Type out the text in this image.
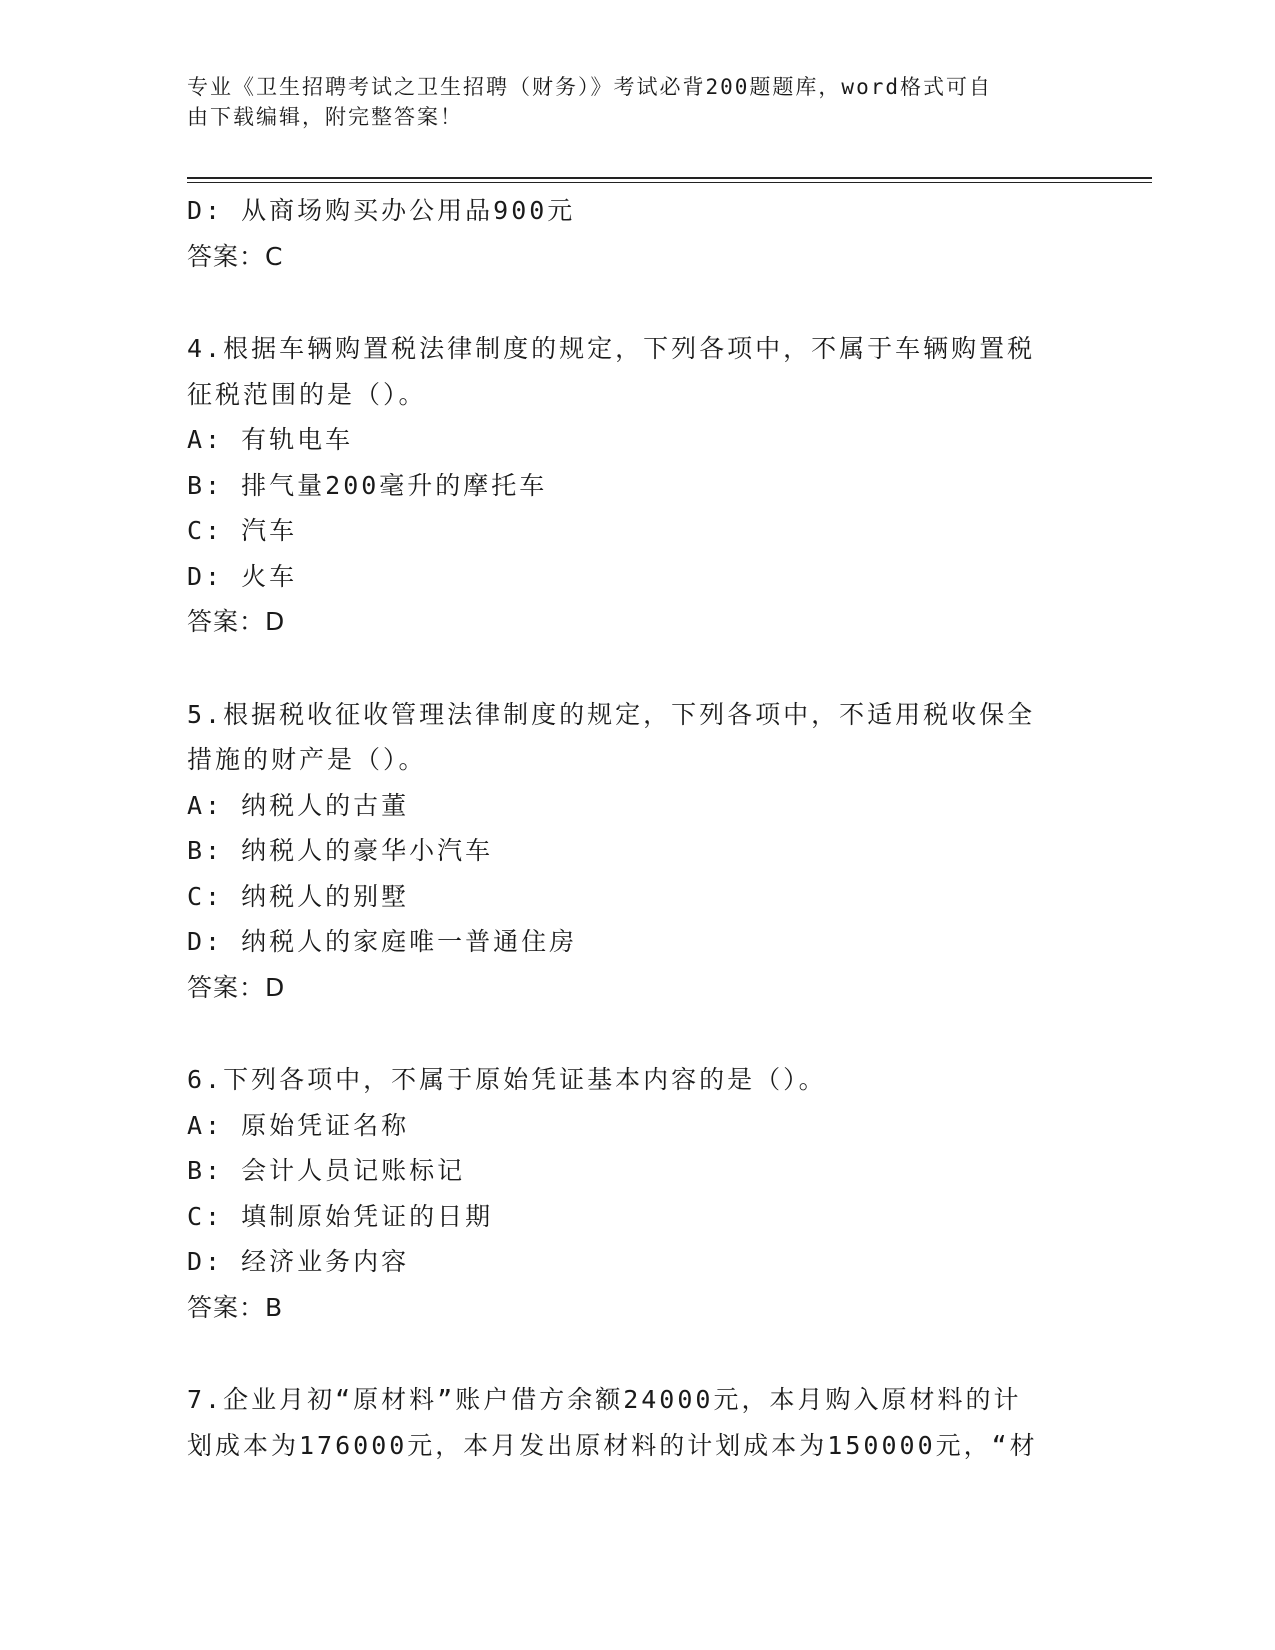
专业《卫生招聘考试之卫生招聘（财务）》考试必背200题题库，word格式可自
由下载编辑，附完整答案！
D: 从商场购买办公用品900元
答案：C
4.根据车辆购置税法律制度的规定，下列各项中，不属于车辆购置税
征税范围的是（）。
A: 有轨电车
B: 排气量200毫升的摩托车
C: 汽车
D: 火车
答案：D
5.根据税收征收管理法律制度的规定，下列各项中，不适用税收保全
措施的财产是（）。
A: 纳税人的古董
B: 纳税人的豪华小汽车
C: 纳税人的别墅
D: 纳税人的家庭唯一普通住房
答案：D
6.下列各项中，不属于原始凭证基本内容的是（）。
A: 原始凭证名称
B: 会计人员记账标记
C: 填制原始凭证的日期
D: 经济业务内容
答案：B
7.企业月初“原材料”账户借方余额24000元，本月购入原材料的计
划成本为176000元，本月发出原材料的计划成本为150000元，“材
